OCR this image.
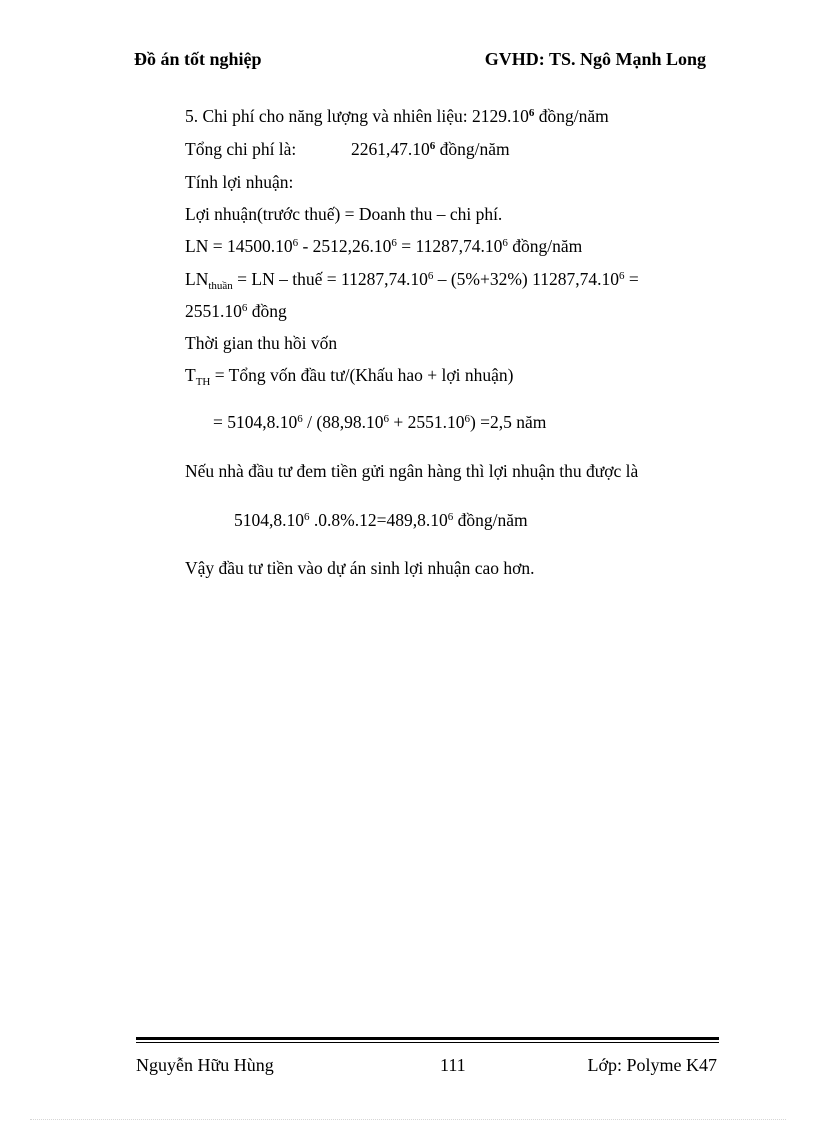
Đồ án tốt nghiệp	GVHD: TS. Ngô Mạnh Long
5. Chi phí cho năng lượng và nhiên liệu: 2129.10$^6$ đồng/năm
Tổng chi phí là:	2261,47.10$^6$ đồng/năm
Tính lợi nhuận:
Lợi nhuận(trước thuế) = Doanh thu – chi phí.
LN = $14500.10^6 - 2512,26.10^6 = 11287,74.10^6$ đồng/năm
$LN_{thuần}$ = LN – thuế = $11287,74.10^6 - (5\%+32\%) 11287,74.10^6$ =
$2551.10^6$ đồng
Thời gian thu hồi vốn
$T_{TH}$ = Tổng vốn đầu tư/(Khấu hao + lợi nhuận)
= $5104,8.10^6 / (88,98.10^6 + 2551.10^6) =2,5$ năm
Nếu nhà đầu tư đem tiền gửi ngân hàng thì lợi nhuận thu được là
5104,8.10$^6$ $.0.8\%.12=489,8.10^6$ đồng/năm
Vậy đầu tư tiền vào dự án sinh lợi nhuận cao hơn.
Nguyễn Hữu Hùng	111	Lớp: Polyme K47
